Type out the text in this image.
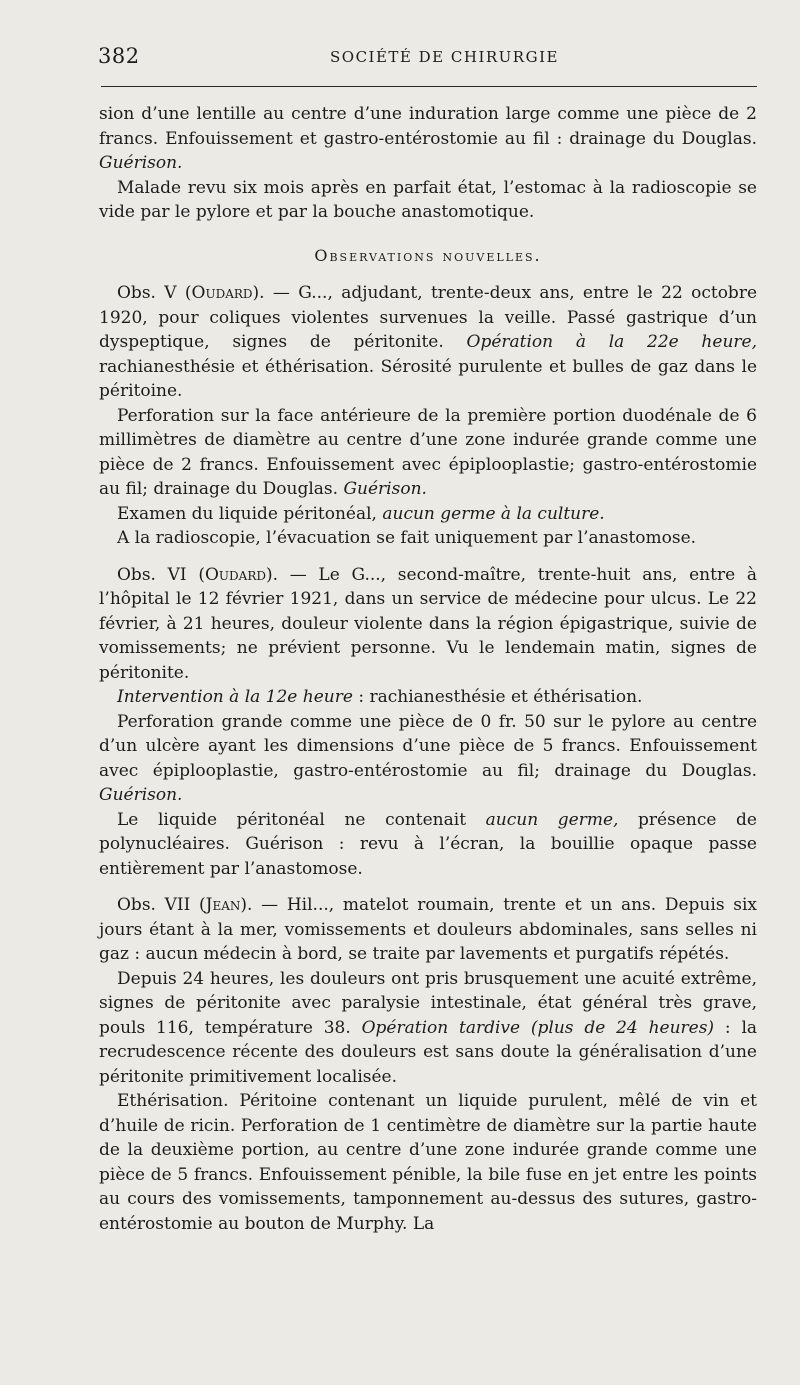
382	SOCIÉTÉ DE CHIRURGIE

sion d’une lentille au centre d’une induration large comme une pièce de 2 francs. Enfouissement et gastro-entérostomie au fil : drainage du Douglas. Guérison.

Malade revu six mois après en parfait état, l’estomac à la radioscopie se vide par le pylore et par la bouche anastomotique.

Observations nouvelles.

Obs. V (Oudard). — G..., adjudant, trente-deux ans, entre le 22 octobre 1920, pour coliques violentes survenues la veille. Passé gastrique d’un dyspeptique, signes de péritonite. Opération à la 22e heure, rachianesthésie et éthérisation. Sérosité purulente et bulles de gaz dans le péritoine.

Perforation sur la face antérieure de la première portion duodénale de 6 millimètres de diamètre au centre d’une zone indurée grande comme une pièce de 2 francs. Enfouissement avec épiplooplastie; gastro-entérostomie au fil; drainage du Douglas. Guérison.

Examen du liquide péritonéal, aucun germe à la culture.

A la radioscopie, l’évacuation se fait uniquement par l’anastomose.

Obs. VI (Oudard). — Le G..., second-maître, trente-huit ans, entre à l’hôpital le 12 février 1921, dans un service de médecine pour ulcus. Le 22 février, à 21 heures, douleur violente dans la région épigastrique, suivie de vomissements; ne prévient personne. Vu le lendemain matin, signes de péritonite.

Intervention à la 12e heure : rachianesthésie et éthérisation.

Perforation grande comme une pièce de 0 fr. 50 sur le pylore au centre d’un ulcère ayant les dimensions d’une pièce de 5 francs. Enfouissement avec épiplooplastie, gastro-entérostomie au fil; drainage du Douglas. Guérison.

Le liquide péritonéal ne contenait aucun germe, présence de polynucléaires. Guérison : revu à l’écran, la bouillie opaque passe entièrement par l’anastomose.

Obs. VII (Jean). — Hil..., matelot roumain, trente et un ans. Depuis six jours étant à la mer, vomissements et douleurs abdominales, sans selles ni gaz : aucun médecin à bord, se traite par lavements et purgatifs répétés.

Depuis 24 heures, les douleurs ont pris brusquement une acuité extrême, signes de péritonite avec paralysie intestinale, état général très grave, pouls 116, température 38. Opération tardive (plus de 24 heures) : la recrudescence récente des douleurs est sans doute la généralisation d’une péritonite primitivement localisée.

Ethérisation. Péritoine contenant un liquide purulent, mêlé de vin et d’huile de ricin. Perforation de 1 centimètre de diamètre sur la partie haute de la deuxième portion, au centre d’une zone indurée grande comme une pièce de 5 francs. Enfouissement pénible, la bile fuse en jet entre les points au cours des vomissements, tamponnement au-dessus des sutures, gastro-entérostomie au bouton de Murphy. La
